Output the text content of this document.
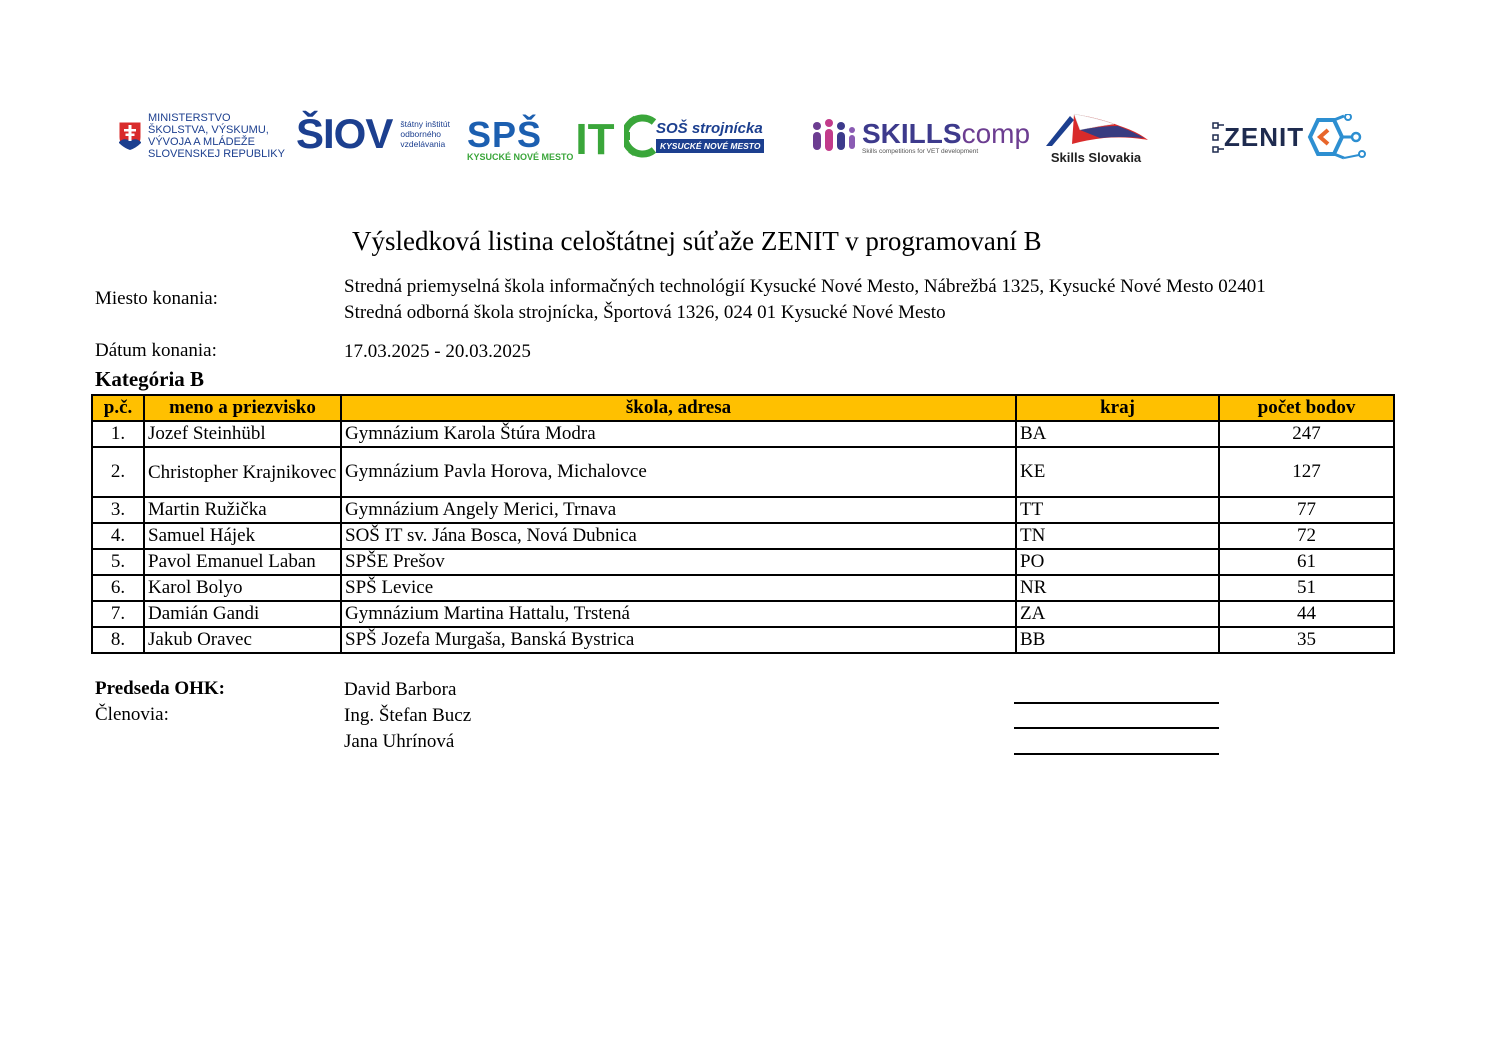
MINISTERSTVO
ŠKOLSTVA, VÝSKUMU,
VÝVOJA A MLÁDEŽE
SLOVENSKEJ REPUBLIKY ŠIOV štátny inštitút
odborného
vzdelávania SPŠ
KYSUCKÉ NOVÉ MESTO IT	SOŠ strojnícka
KYSUCKÉ NOVÉ MESTO	SKILLScomp
Skills competitions for VET development	Skills Slovakia
ZENIT
Výsledková listina celoštátnej súťaže ZENIT v programovaní B
Miesto konania:
Stredná priemyselná škola informačných technológií Kysucké Nové Mesto, Nábrežbá 1325, Kysucké Nové Mesto 02401
Stredná odborná škola strojnícka, Športová 1326, 024 01 Kysucké Nové Mesto
Dátum konania:	17.03.2025 - 20.03.2025
Kategória B
p.č.	meno a priezvisko	škola, adresa	kraj	počet bodov
1.	Jozef Steinhübl	Gymnázium Karola Štúra Modra	BA	247
2.	Christopher Krajnikovec	Gymnázium Pavla Horova, Michalovce	KE	127
3.	Martin Ružička	Gymnázium Angely Merici, Trnava	TT	77
4.	Samuel Hájek	SOŠ IT sv. Jána Bosca, Nová Dubnica	TN	72
5.	Pavol Emanuel Laban	SPŠE Prešov	PO	61
6.	Karol Bolyo	SPŠ Levice	NR	51
7.	Damián Gandi	Gymnázium Martina Hattalu, Trstená	ZA	44
8.	Jakub Oravec	SPŠ Jozefa Murgaša, Banská Bystrica	BB	35
Predseda OHK:
Členovia:
David Barbora
Ing. Štefan Bucz
Jana Uhrínová
